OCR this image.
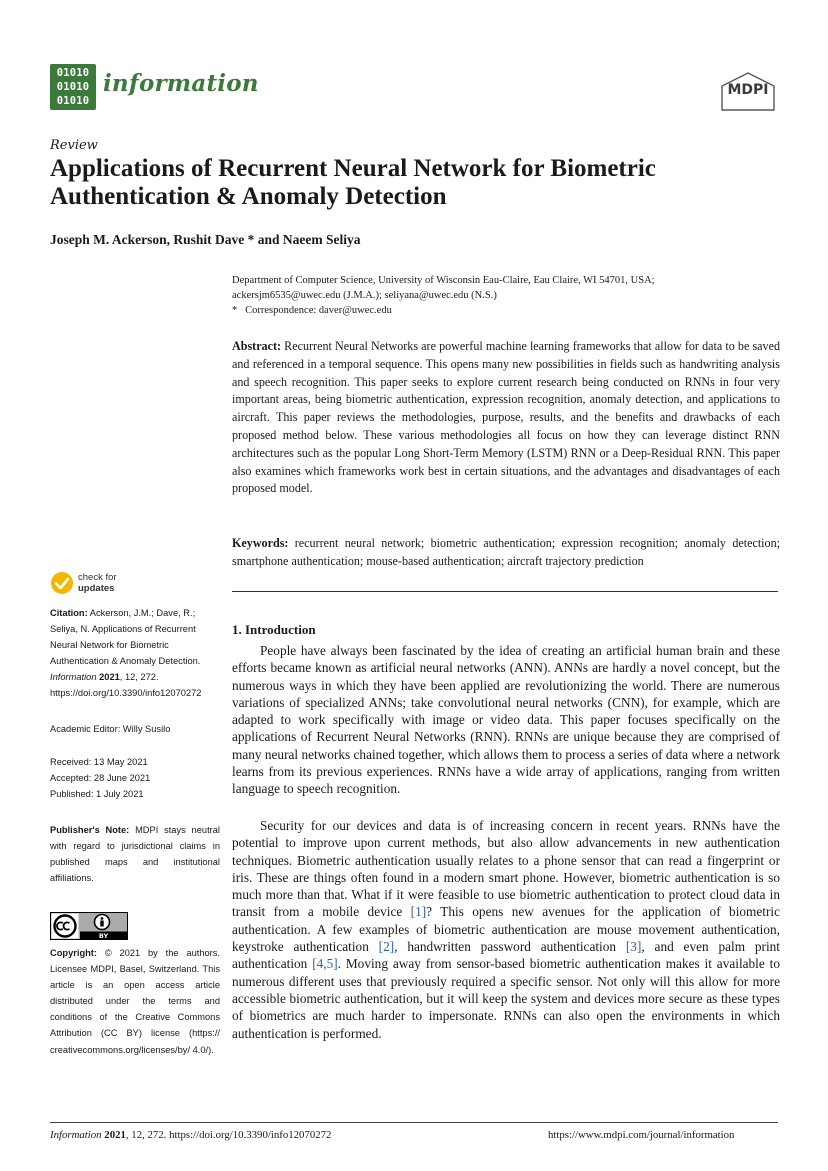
01010
01010
01010
information	MDPI
Review
Applications of Recurrent Neural Network for Biometric Authentication & Anomaly Detection
Joseph M. Ackerson, Rushit Dave * and Naeem Seliya
Department of Computer Science, University of Wisconsin Eau-Claire, Eau Claire, WI 54701, USA;
ackersjm6535@uwec.edu (J.M.A.); seliyana@uwec.edu (N.S.)
*   Correspondence: daver@uwec.edu
Abstract: Recurrent Neural Networks are powerful machine learning frameworks that allow for data to be saved and referenced in a temporal sequence. This opens many new possibilities in fields such as handwriting analysis and speech recognition. This paper seeks to explore current research being conducted on RNNs in four very important areas, being biometric authentication, expression recognition, anomaly detection, and applications to aircraft. This paper reviews the methodologies, purpose, results, and the benefits and drawbacks of each proposed method below. These various methodologies all focus on how they can leverage distinct RNN architectures such as the popular Long Short-Term Memory (LSTM) RNN or a Deep-Residual RNN. This paper also examines which frameworks work best in certain situations, and the advantages and disadvantages of each proposed model.
Keywords: recurrent neural network; biometric authentication; expression recognition; anomaly detection; smartphone authentication; mouse-based authentication; aircraft trajectory prediction
check for
updates
Citation: Ackerson, J.M.; Dave, R.; Seliya, N. Applications of Recurrent Neural Network for Biometric Authentication & Anomaly Detection. Information 2021, 12, 272. https://doi.org/10.3390/info12070272
Academic Editor: Willy Susilo
Received: 13 May 2021
Accepted: 28 June 2021
Published: 1 July 2021
Publisher's Note: MDPI stays neutral with regard to jurisdictional claims in published maps and institutional affiliations.
BY
Copyright: © 2021 by the authors. Licensee MDPI, Basel, Switzerland. This article is an open access article distributed under the terms and conditions of the Creative Commons Attribution (CC BY) license (https:// creativecommons.org/licenses/by/ 4.0/).
1. Introduction
People have always been fascinated by the idea of creating an artificial human brain and these efforts became known as artificial neural networks (ANN). ANNs are hardly a novel concept, but the numerous ways in which they have been applied are revolutionizing the world. There are numerous variations of specialized ANNs; take convolutional neural networks (CNN), for example, which are adapted to work specifically with image or video data. This paper focuses specifically on the applications of Recurrent Neural Networks (RNN). RNNs are unique because they are comprised of many neural networks chained together, which allows them to process a series of data where a network learns from its previous experiences. RNNs have a wide array of applications, ranging from written language to speech recognition.
Security for our devices and data is of increasing concern in recent years. RNNs have the potential to improve upon current methods, but also allow advancements in new authentication techniques. Biometric authentication usually relates to a phone sensor that can read a fingerprint or iris. These are things often found in a modern smart phone. However, biometric authentication is so much more than that. What if it were feasible to use biometric authentication to protect cloud data in transit from a mobile device [1]? This opens new avenues for the application of biometric authentication. A few examples of biometric authentication are mouse movement authentication, keystroke authentication [2], handwritten password authentication [3], and even palm print authentication [4,5]. Moving away from sensor-based biometric authentication makes it available to numerous different uses that previously required a specific sensor. Not only will this allow for more accessible biometric authentication, but it will keep the system and devices more secure as these types of biometrics are much harder to impersonate. RNNs can also open the environments in which authentication is performed.
Information 2021, 12, 272. https://doi.org/10.3390/info12070272	https://www.mdpi.com/journal/information
